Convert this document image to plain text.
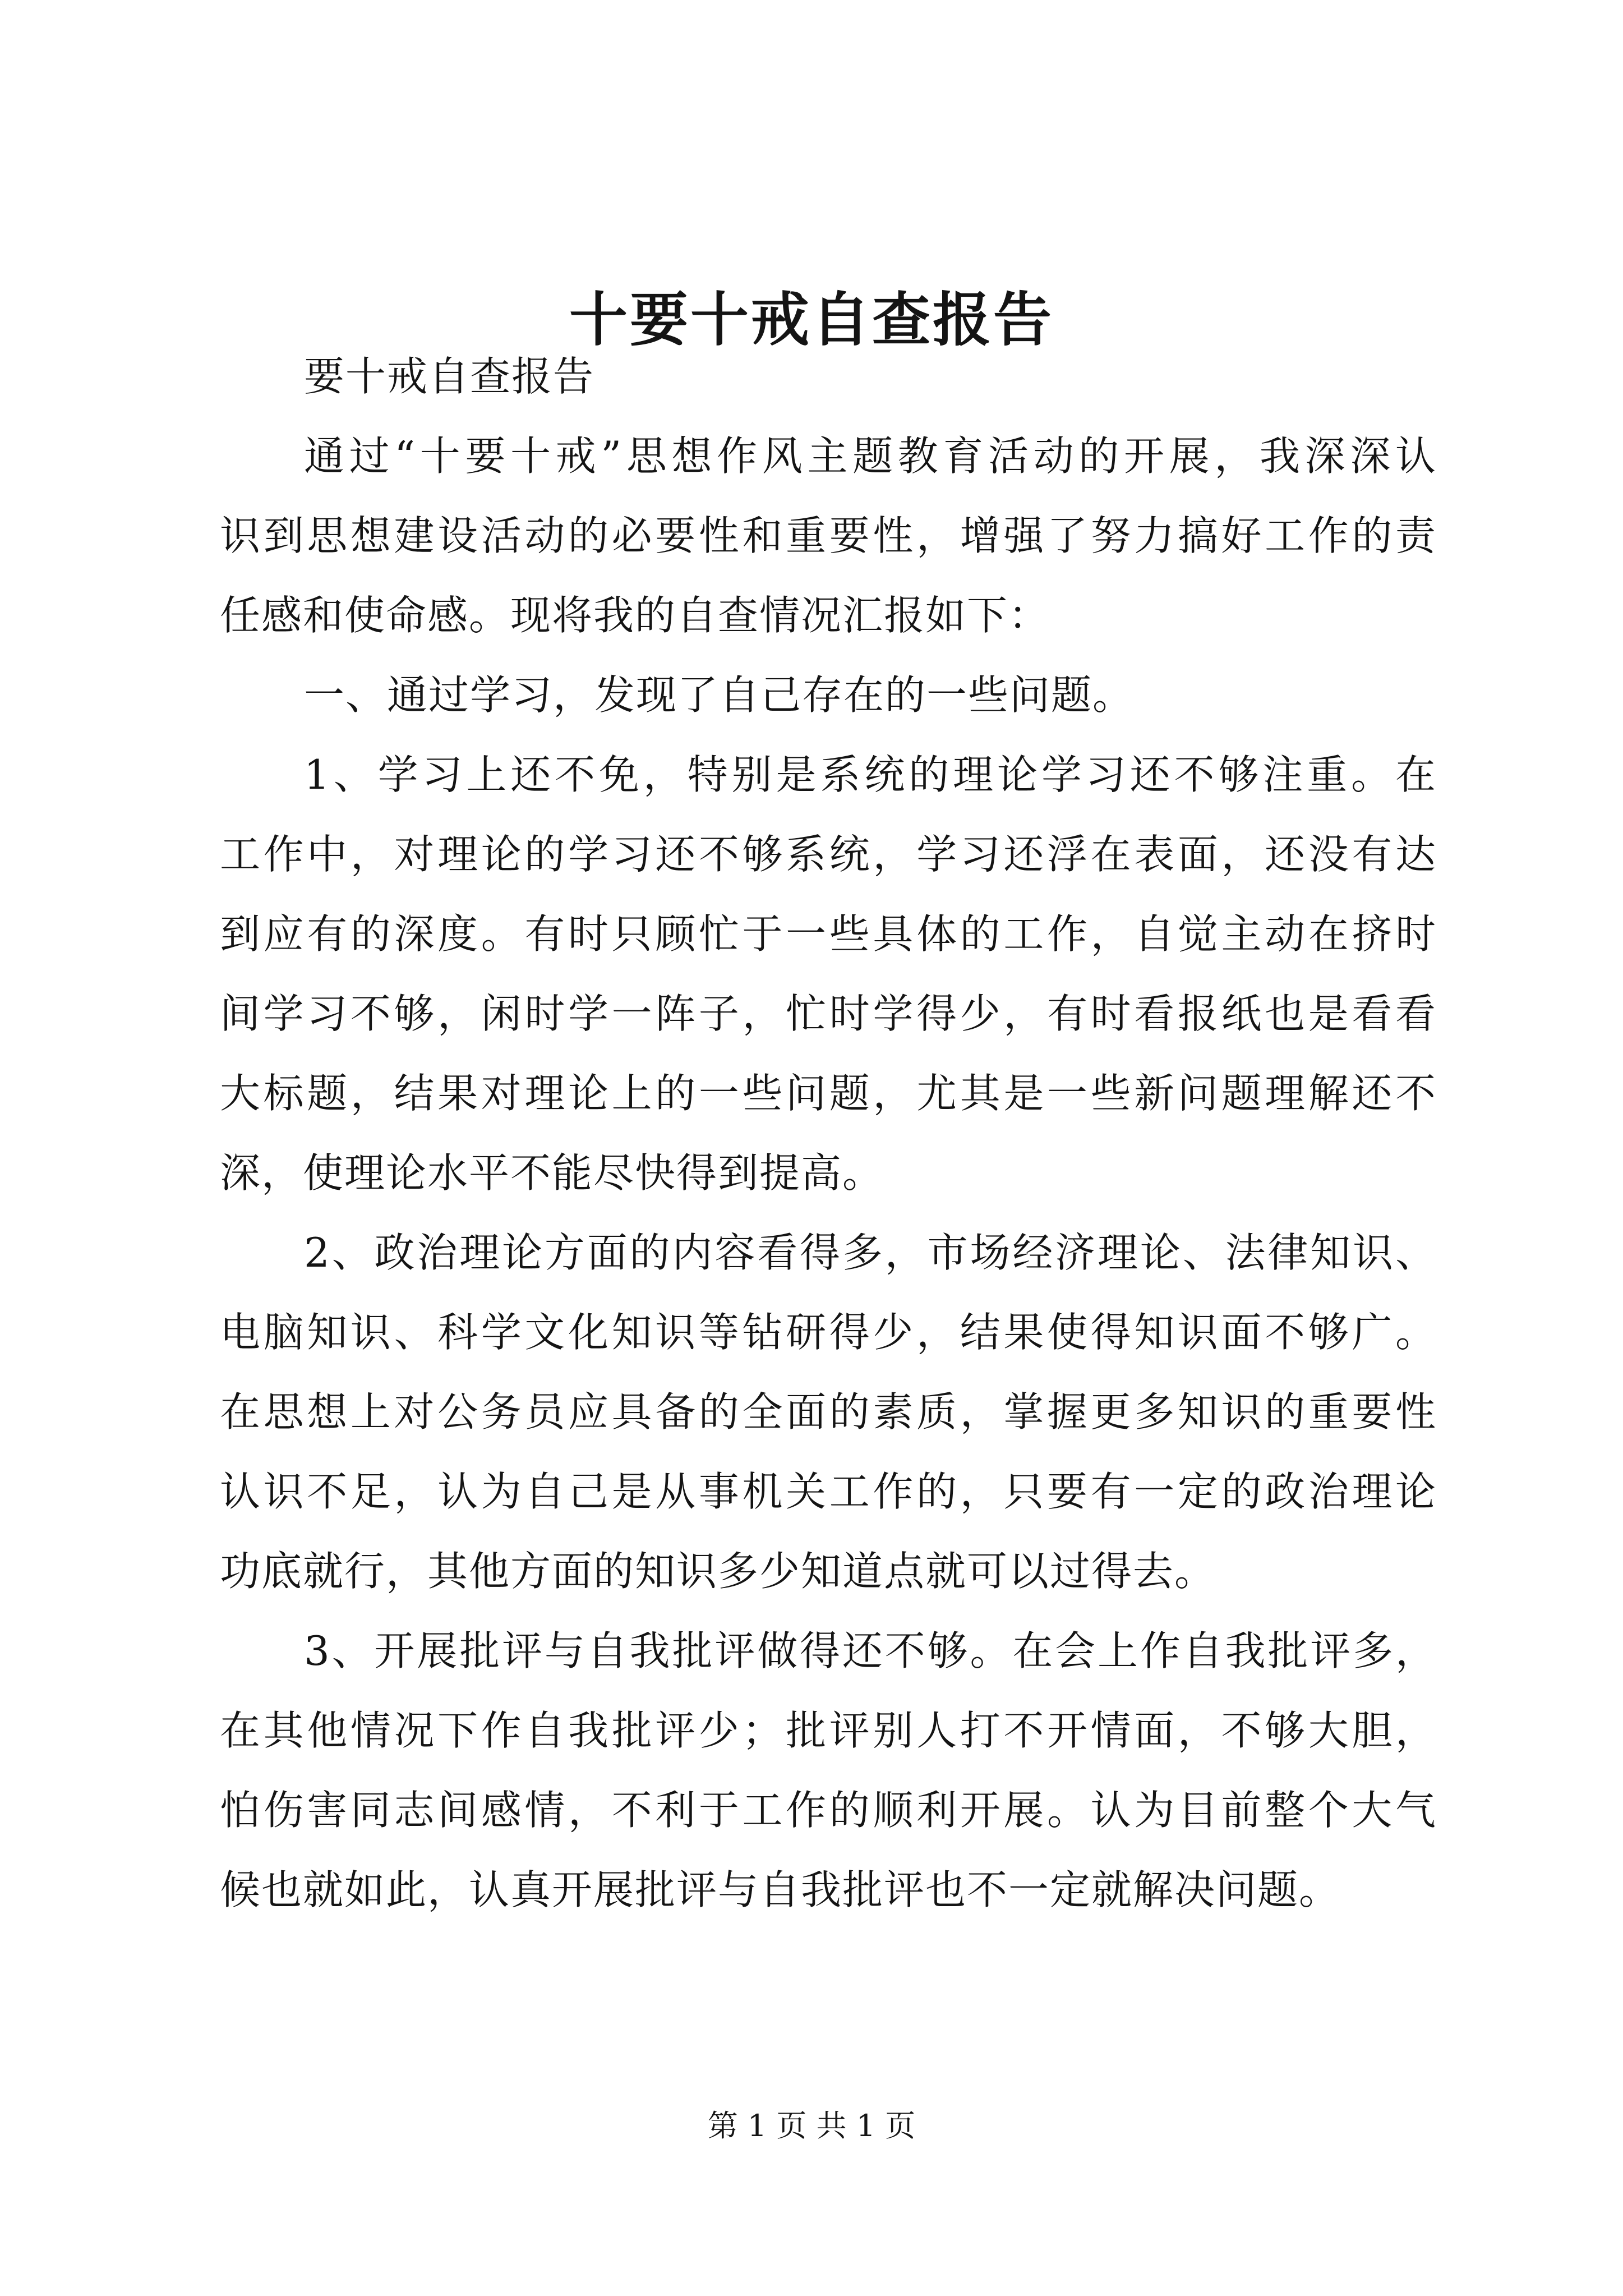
十要十戒自查报告
要十戒自查报告
通过“十要十戒”思想作风主题教育活动的开展，我深深认
识到思想建设活动的必要性和重要性，增强了努力搞好工作的责
任感和使命感。现将我的自查情况汇报如下：
一、通过学习，发现了自己存在的一些问题。
1、学习上还不免，特别是系统的理论学习还不够注重。在
工作中，对理论的学习还不够系统，学习还浮在表面，还没有达
到应有的深度。有时只顾忙于一些具体的工作，自觉主动在挤时
间学习不够，闲时学一阵子，忙时学得少，有时看报纸也是看看
大标题，结果对理论上的一些问题，尤其是一些新问题理解还不
深，使理论水平不能尽快得到提高。
2、政治理论方面的内容看得多，市场经济理论、法律知识、
电脑知识、科学文化知识等钻研得少，结果使得知识面不够广。
在思想上对公务员应具备的全面的素质，掌握更多知识的重要性
认识不足，认为自己是从事机关工作的，只要有一定的政治理论
功底就行，其他方面的知识多少知道点就可以过得去。
3、开展批评与自我批评做得还不够。在会上作自我批评多，
在其他情况下作自我批评少；批评别人打不开情面，不够大胆，
怕伤害同志间感情，不利于工作的顺利开展。认为目前整个大气
候也就如此，认真开展批评与自我批评也不一定就解决问题。
第 1 页 共 1 页
